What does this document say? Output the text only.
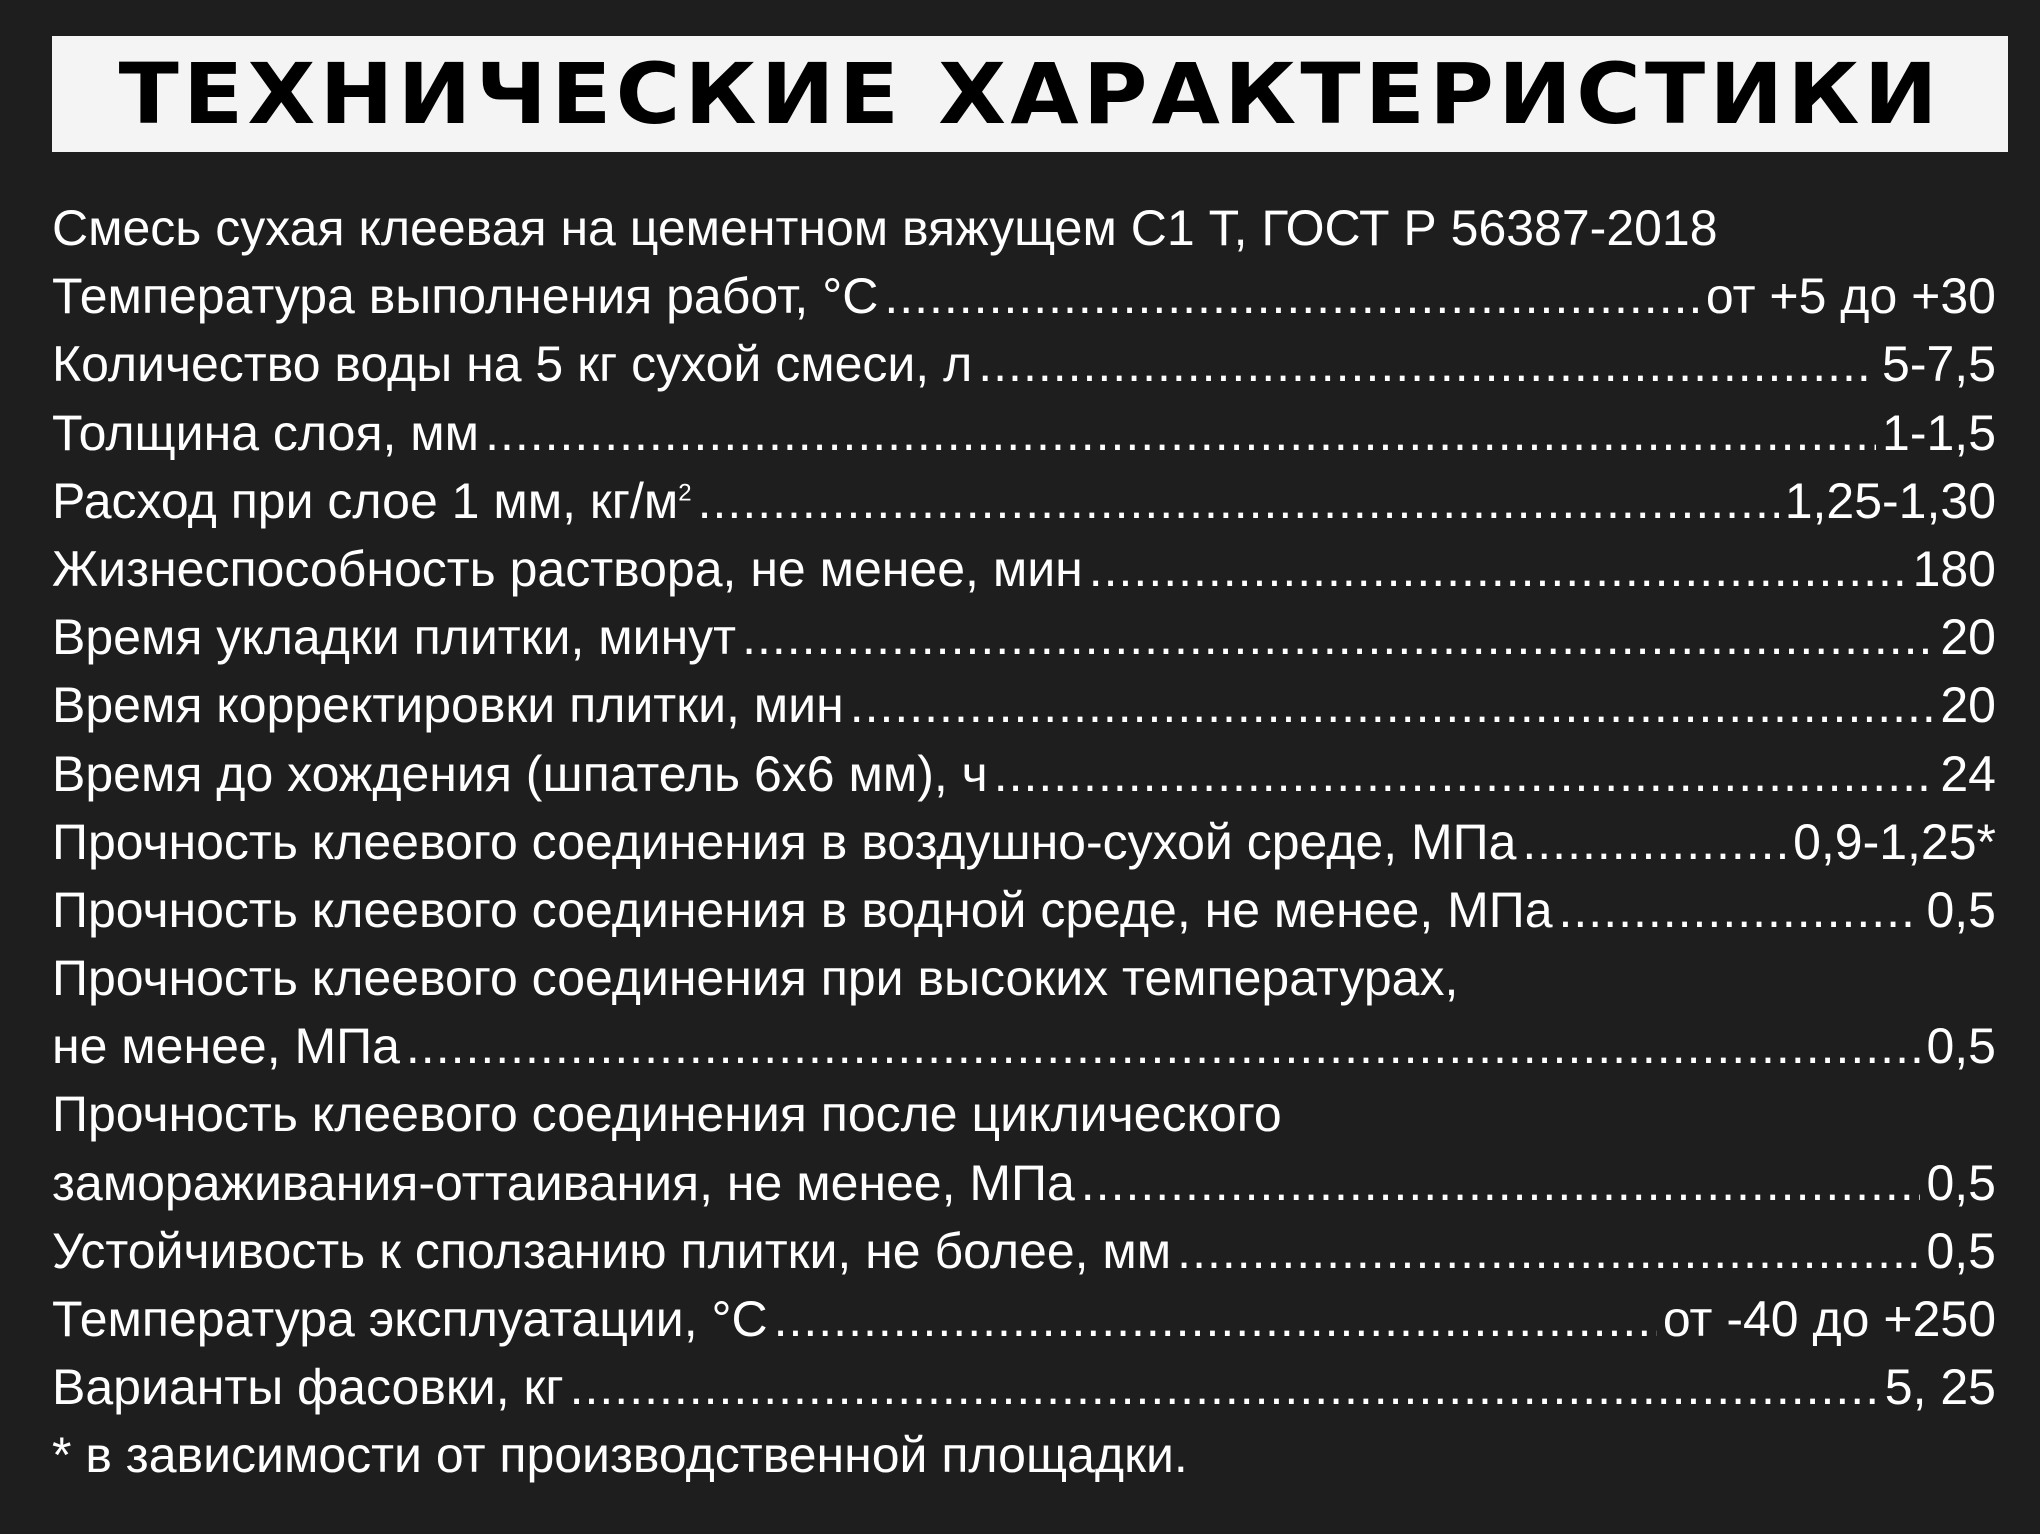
ТЕХНИЧЕСКИЕ ХАРАКТЕРИСТИКИ
Смесь сухая клеевая на цементном вяжущем С1 Т, ГОСТ Р 56387-2018
Температура выполнения работ, °С .....	от +5 до +30
Количество воды на 5 кг сухой смеси, л .....	5-7,5
Толщина слоя, мм .....	1-1,5
Расход при слое 1 мм, $кг/м^2$ .....	1,25-1,30
Жизнеспособность раствора, не менее, мин .....	180
Время укладки плитки, минут .....	20
Время корректировки плитки, мин .....	20
Время до хождения (шпатель 6х6 мм), ч .....	24
Прочность клеевого соединения в воздушно-сухой среде, МПа .....	0,9-1,25*
Прочность клеевого соединения в водной среде, не менее, МПа .....	0,5
Прочность клеевого соединения при высоких температурах,
не менее, МПа .....	0,5
Прочность клеевого соединения после циклического
замораживания-оттаивания, не менее, МПа .....	0,5
Устойчивость к сползанию плитки, не более, мм .....	0,5
Температура эксплуатации, °С .....	от -40 до +250
Варианты фасовки, кг .....	5, 25
* в зависимости от производственной площадки.
